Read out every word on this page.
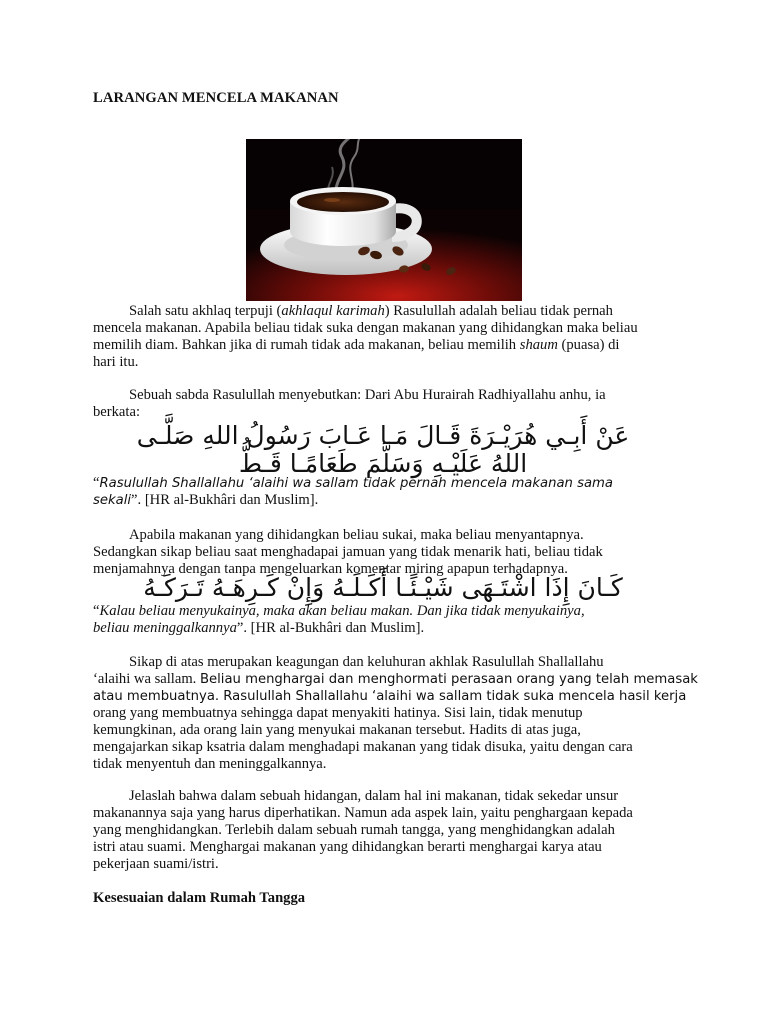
LARANGAN MENCELA MAKANAN

Salah satu akhlaq terpuji (akhlaqul karimah) Rasulullah adalah beliau tidak pernah
mencela makanan. Apabila beliau tidak suka dengan makanan yang dihidangkan maka beliau
memilih diam. Bahkan jika di rumah tidak ada makanan, beliau memilih shaum (puasa) di
hari itu.

Sebuah sabda Rasulullah menyebutkan: Dari Abu Hurairah Radhiyallahu anhu, ia
berkata:

عَنْ أَبِـي هُرَيْـرَةَ قَـالَ مَـا عَـابَ رَسُولُ اللهِ صَلَّـى
اللهُ عَلَيْـهِ وَسَلَّمَ طَعَامًـا قَـطُّ

“Rasulullah Shallallahu ‘alaihi wa sallam tidak pernah mencela makanan sama
sekali”. [HR al-Bukhâri dan Muslim].

Apabila makanan yang dihidangkan beliau sukai, maka beliau menyantapnya.
Sedangkan sikap beliau saat menghadapai jamuan yang tidak menarik hati, beliau tidak
menjamahnya dengan tanpa mengeluarkan komentar miring apapun terhadapnya.

كَـانَ إِذَا اشْتَـهَى شَيْـئًـا أَكَـلَـهُ وَإِنْ كَـرِهَـهُ تَـرَكَـهُ

“Kalau beliau menyukainya, maka akan beliau makan. Dan jika tidak menyukainya,
beliau meninggalkannya”. [HR al-Bukhâri dan Muslim].

Sikap di atas merupakan keagungan dan keluhuran akhlak Rasulullah Shallallahu
‘alaihi wa sallam. Beliau menghargai dan menghormati perasaan orang yang telah memasak
atau membuatnya. Rasulullah Shallallahu ‘alaihi wa sallam tidak suka mencela hasil kerja
orang yang membuatnya sehingga dapat menyakiti hatinya. Sisi lain, tidak menutup
kemungkinan, ada orang lain yang menyukai makanan tersebut. Hadits di atas juga,
mengajarkan sikap ksatria dalam menghadapi makanan yang tidak disuka, yaitu dengan cara
tidak menyentuh dan meninggalkannya.

Jelaslah bahwa dalam sebuah hidangan, dalam hal ini makanan, tidak sekedar unsur
makanannya saja yang harus diperhatikan. Namun ada aspek lain, yaitu penghargaan kepada
yang menghidangkan. Terlebih dalam sebuah rumah tangga, yang menghidangkan adalah
istri atau suami. Menghargai makanan yang dihidangkan berarti menghargai karya atau
pekerjaan suami/istri.

Kesesuaian dalam Rumah Tangga
